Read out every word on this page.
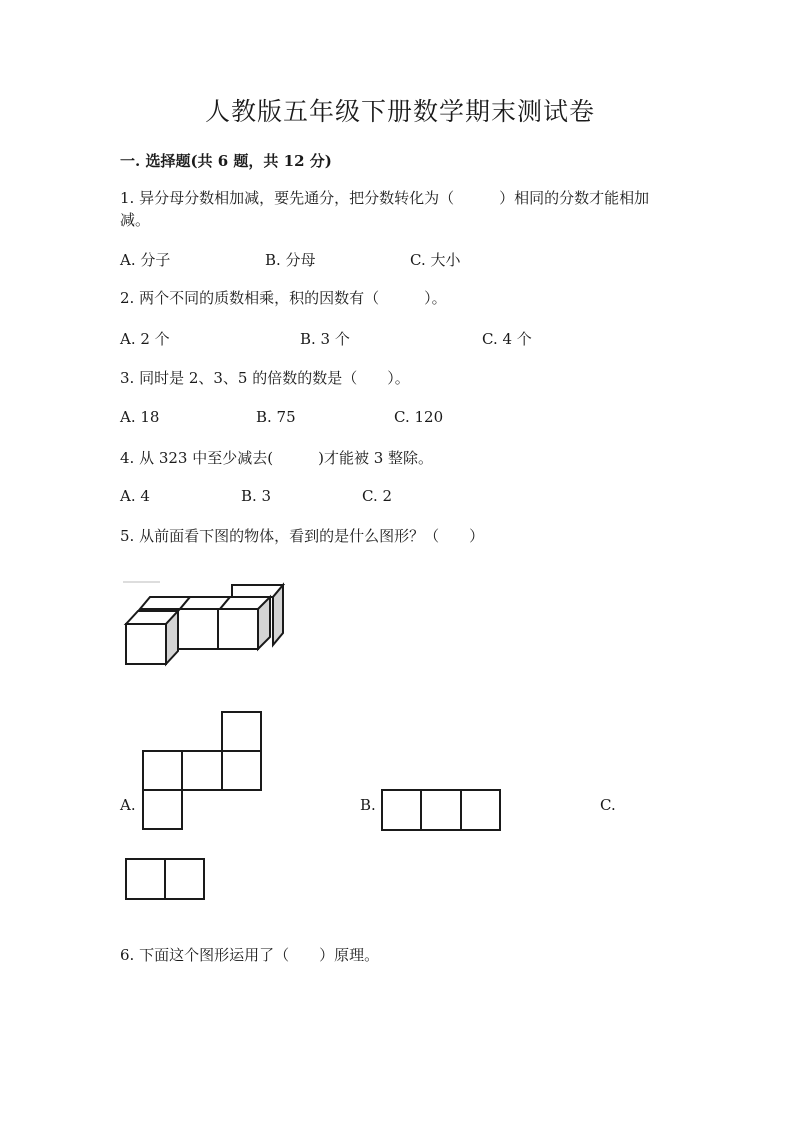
人教版五年级下册数学期末测试卷
一. 选择题(共 6 题，共 12 分)
1. 异分母分数相加减，要先通分，把分数转化为（　　　）相同的分数才能相加
减。
A. 分子	B. 分母	C. 大小
2. 两个不同的质数相乘，积的因数有（　　　）。
A. 2 个	B. 3 个	C. 4 个
3. 同时是 2、3、5 的倍数的数是（　　）。
A. 18	B. 75	C. 120
4. 从 323 中至少减去(　　　)才能被 3 整除。
A. 4	B. 3	C. 2
5. 从前面看下图的物体，看到的是什么图形？（　　）
A.	B.	C.
6. 下面这个图形运用了（　　）原理。
